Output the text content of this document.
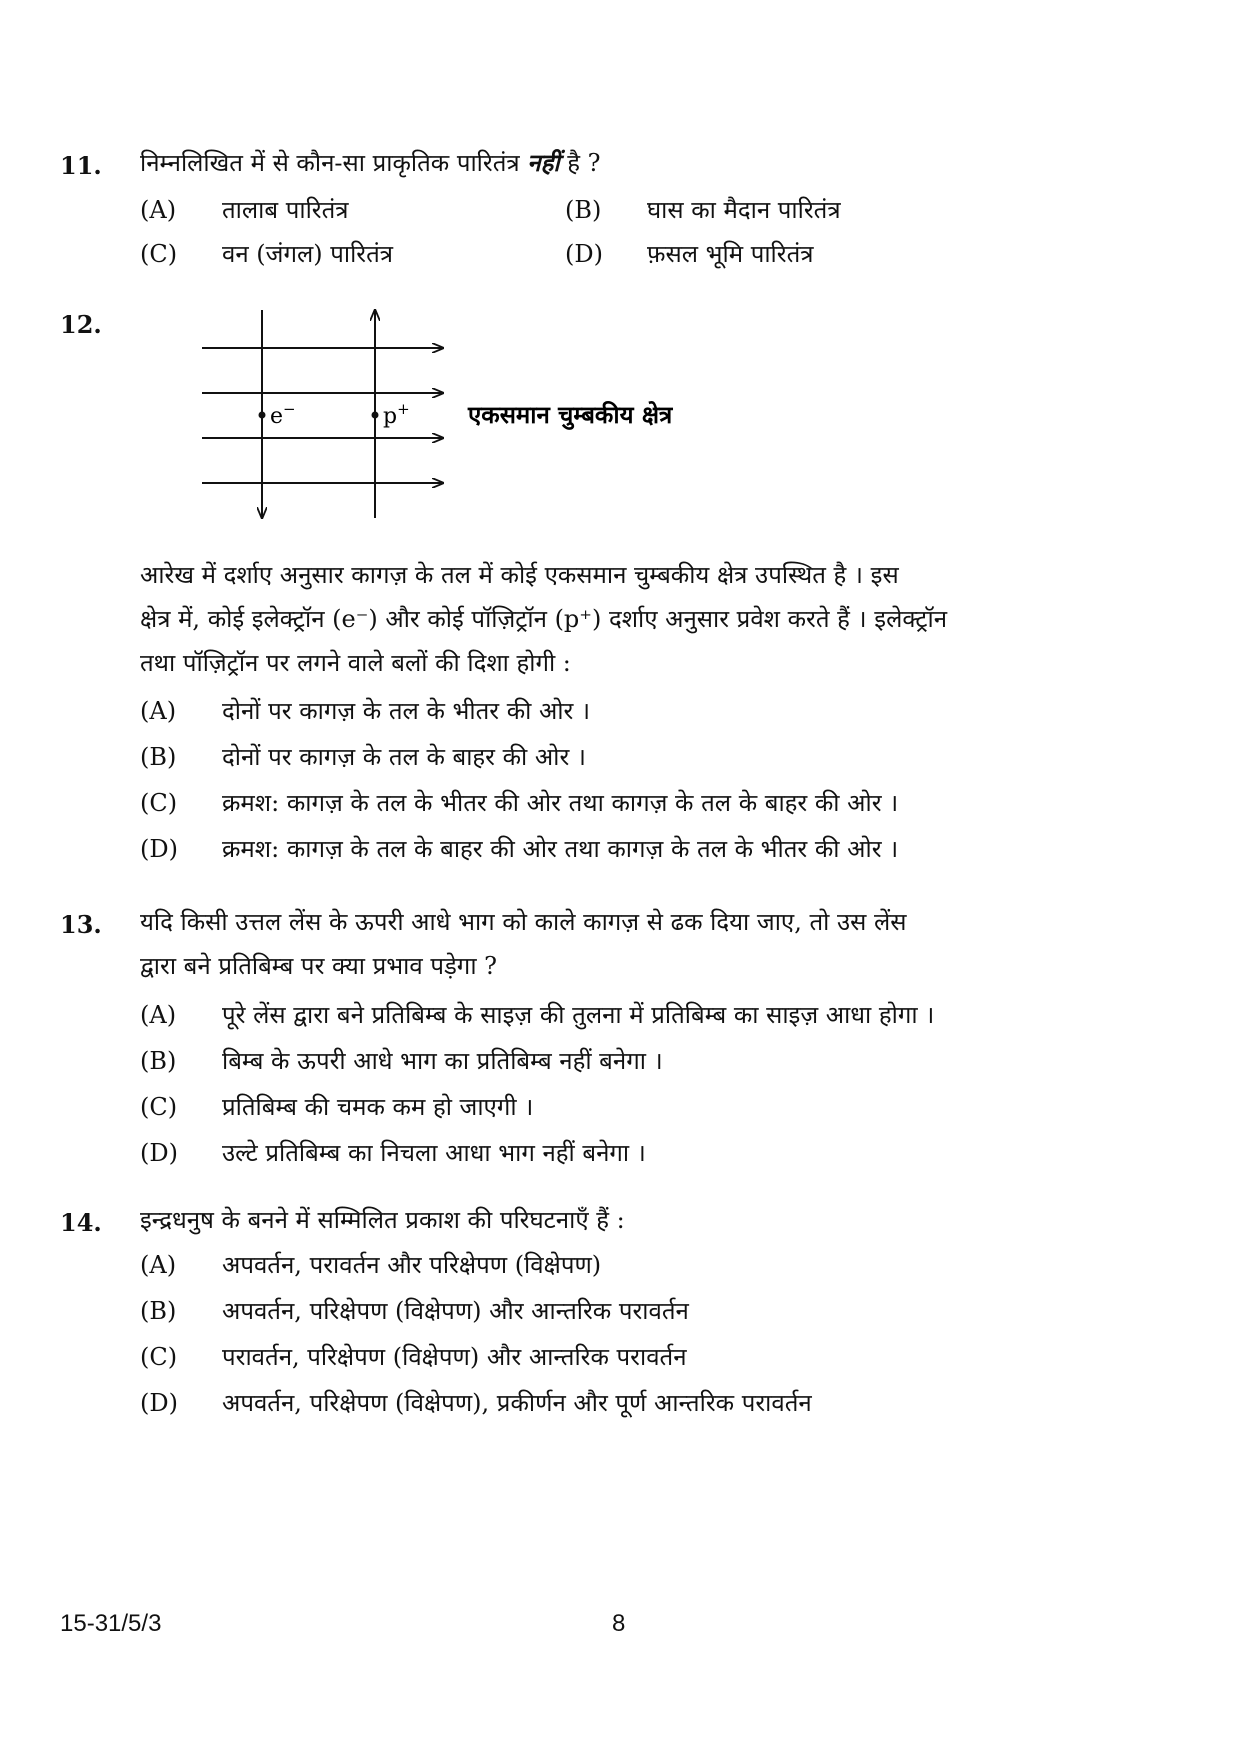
11. निम्नलिखित में से कौन-सा प्राकृतिक पारितंत्र नहीं है ?
(A) तालाब पारितंत्र	(B) घास का मैदान पारितंत्र
(C) वन (जंगल) पारितंत्र	(D) फ़सल भूमि पारितंत्र
12.
e−	p+ एकसमान चुम्बकीय क्षेत्र
आरेख में दर्शाए अनुसार कागज़ के तल में कोई एकसमान चुम्बकीय क्षेत्र उपस्थित है । इस
क्षेत्र में, कोई इलेक्ट्रॉन (e⁻) और कोई पॉज़िट्रॉन (p⁺) दर्शाए अनुसार प्रवेश करते हैं । इलेक्ट्रॉन
तथा पॉज़िट्रॉन पर लगने वाले बलों की दिशा होगी :
(A) दोनों पर कागज़ के तल के भीतर की ओर ।
(B) दोनों पर कागज़ के तल के बाहर की ओर ।
(C) क्रमश: कागज़ के तल के भीतर की ओर तथा कागज़ के तल के बाहर की ओर ।
(D) क्रमश: कागज़ के तल के बाहर की ओर तथा कागज़ के तल के भीतर की ओर ।
13. यदि किसी उत्तल लेंस के ऊपरी आधे भाग को काले कागज़ से ढक दिया जाए, तो उस लेंस
द्वारा बने प्रतिबिम्ब पर क्या प्रभाव पड़ेगा ?
(A) पूरे लेंस द्वारा बने प्रतिबिम्ब के साइज़ की तुलना में प्रतिबिम्ब का साइज़ आधा होगा ।
(B) बिम्ब के ऊपरी आधे भाग का प्रतिबिम्ब नहीं बनेगा ।
(C) प्रतिबिम्ब की चमक कम हो जाएगी ।
(D) उल्टे प्रतिबिम्ब का निचला आधा भाग नहीं बनेगा ।
14. इन्द्रधनुष के बनने में सम्मिलित प्रकाश की परिघटनाएँ हैं :
(A) अपवर्तन, परावर्तन और परिक्षेपण (विक्षेपण)
(B) अपवर्तन, परिक्षेपण (विक्षेपण) और आन्तरिक परावर्तन
(C) परावर्तन, परिक्षेपण (विक्षेपण) और आन्तरिक परावर्तन
(D) अपवर्तन, परिक्षेपण (विक्षेपण), प्रकीर्णन और पूर्ण आन्तरिक परावर्तन
15-31/5/3	8
